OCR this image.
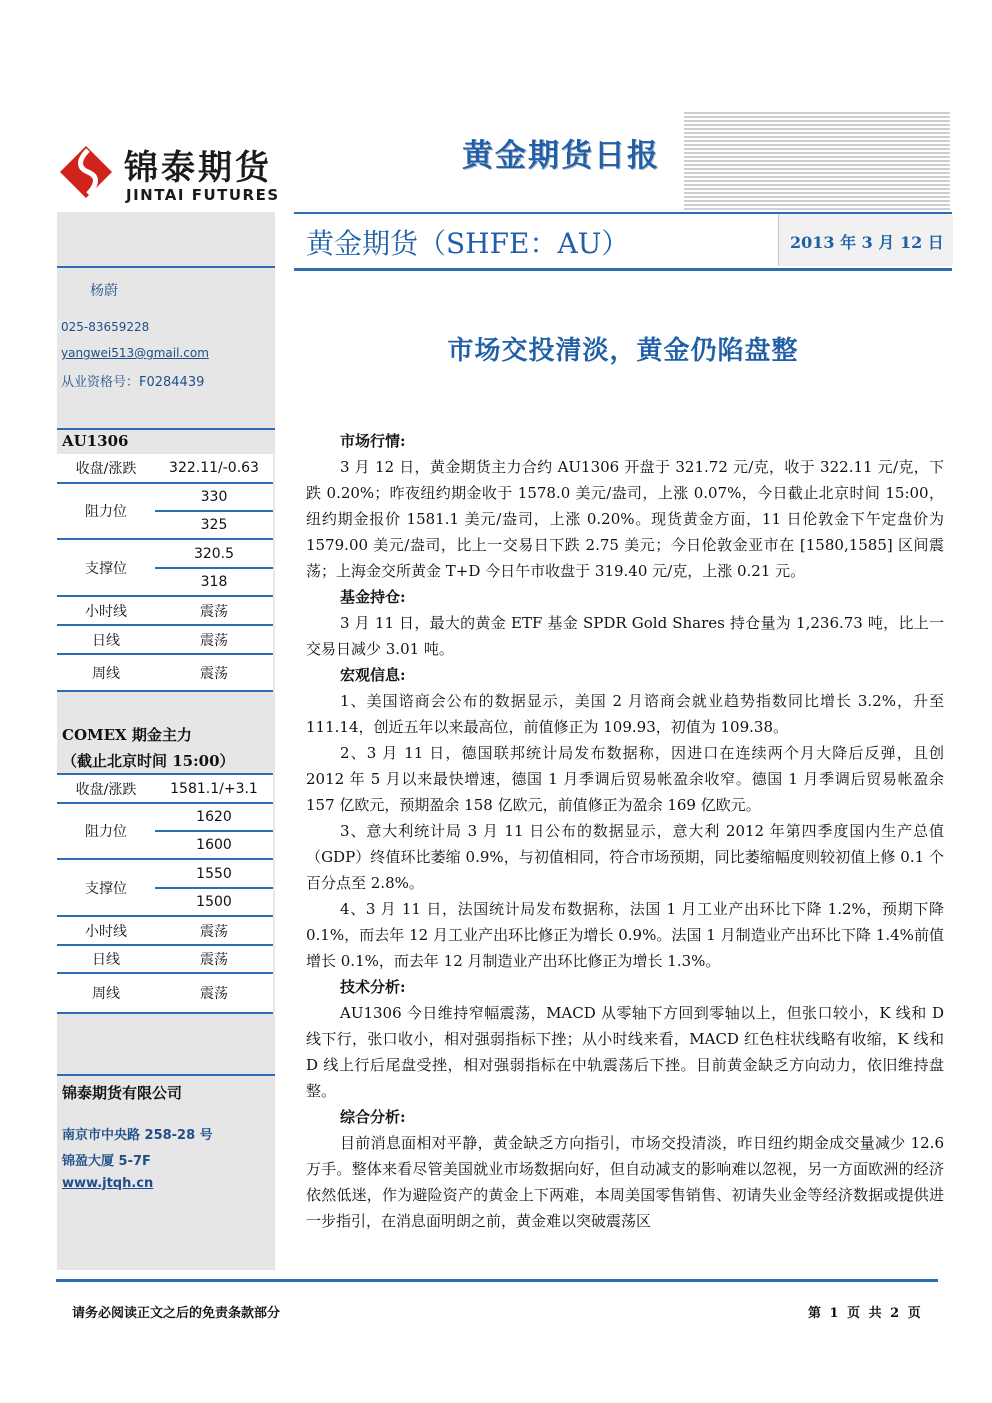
锦泰期货
JINTAI FUTURES
黄金期货日报
黄金期货（SHFE：AU）	2013 年 3 月 12 日
杨蔚
025-83659228
yangwei513@gmail.com
从业资格号：F0284439
AU1306
收盘/涨跌	322.11/-0.63
阻力位	330
	325
支撑位	320.5
	318
小时线	震荡
日线	震荡
周线	震荡
COMEX 期金主力
（截止北京时间 15:00）
收盘/涨跌	1581.1/+3.1
阻力位	1620
	1600
支撑位	1550
	1500
小时线	震荡
日线	震荡
周线	震荡
锦泰期货有限公司
南京市中央路 258-28 号
锦盈大厦 5-7F
www.jtqh.cn
市场交投清淡，黄金仍陷盘整
市场行情:

3 月 12 日，黄金期货主力合约 AU1306 开盘于 321.72 元/克，收于 322.11 元/克，下跌 0.20%；昨夜纽约期金收于 1578.0 美元/盎司，上涨 0.07%，今日截止北京时间 15:00，纽约期金报价 1581.1 美元/盎司，上涨 0.20%。现货黄金方面，11 日伦敦金下午定盘价为 1579.00 美元/盎司，比上一交易日下跌 2.75 美元；今日伦敦金亚市在 [1580,1585] 区间震荡；上海金交所黄金 T+D 今日午市收盘于 319.40 元/克，上涨 0.21 元。

基金持仓:

3 月 11 日，最大的黄金 ETF 基金 SPDR Gold Shares 持仓量为 1,236.73 吨，比上一交易日减少 3.01 吨。

宏观信息:

1、美国谘商会公布的数据显示，美国 2 月谘商会就业趋势指数同比增长 3.2%，升至 111.14，创近五年以来最高位，前值修正为 109.93，初值为 109.38。

2、3 月 11 日，德国联邦统计局发布数据称，因进口在连续两个月大降后反弹，且创 2012 年 5 月以来最快增速，德国 1 月季调后贸易帐盈余收窄。德国 1 月季调后贸易帐盈余 157 亿欧元，预期盈余 158 亿欧元，前值修正为盈余 169 亿欧元。

3、意大利统计局 3 月 11 日公布的数据显示，意大利 2012 年第四季度国内生产总值（GDP）终值环比萎缩 0.9%，与初值相同，符合市场预期，同比萎缩幅度则较初值上修 0.1 个百分点至 2.8%。

4、3 月 11 日，法国统计局发布数据称，法国 1 月工业产出环比下降 1.2%，预期下降 0.1%，而去年 12 月工业产出环比修正为增长 0.9%。法国 1 月制造业产出环比下降 1.4%前值增长 0.1%，而去年 12 月制造业产出环比修正为增长 1.3%。

技术分析:

AU1306 今日维持窄幅震荡，MACD 从零轴下方回到零轴以上，但张口较小，K 线和 D 线下行，张口收小，相对强弱指标下挫；从小时线来看，MACD 红色柱状线略有收缩，K 线和 D 线上行后尾盘受挫，相对强弱指标在中轨震荡后下挫。目前黄金缺乏方向动力，依旧维持盘整。

综合分析:

目前消息面相对平静，黄金缺乏方向指引，市场交投清淡，昨日纽约期金成交量减少 12.6 万手。整体来看尽管美国就业市场数据向好，但自动减支的影响难以忽视，另一方面欧洲的经济依然低迷，作为避险资产的黄金上下两难，本周美国零售销售、初请失业金等经济数据或提供进一步指引，在消息面明朗之前，黄金难以突破震荡区

请务必阅读正文之后的免责条款部分	第 1 页 共 2 页
